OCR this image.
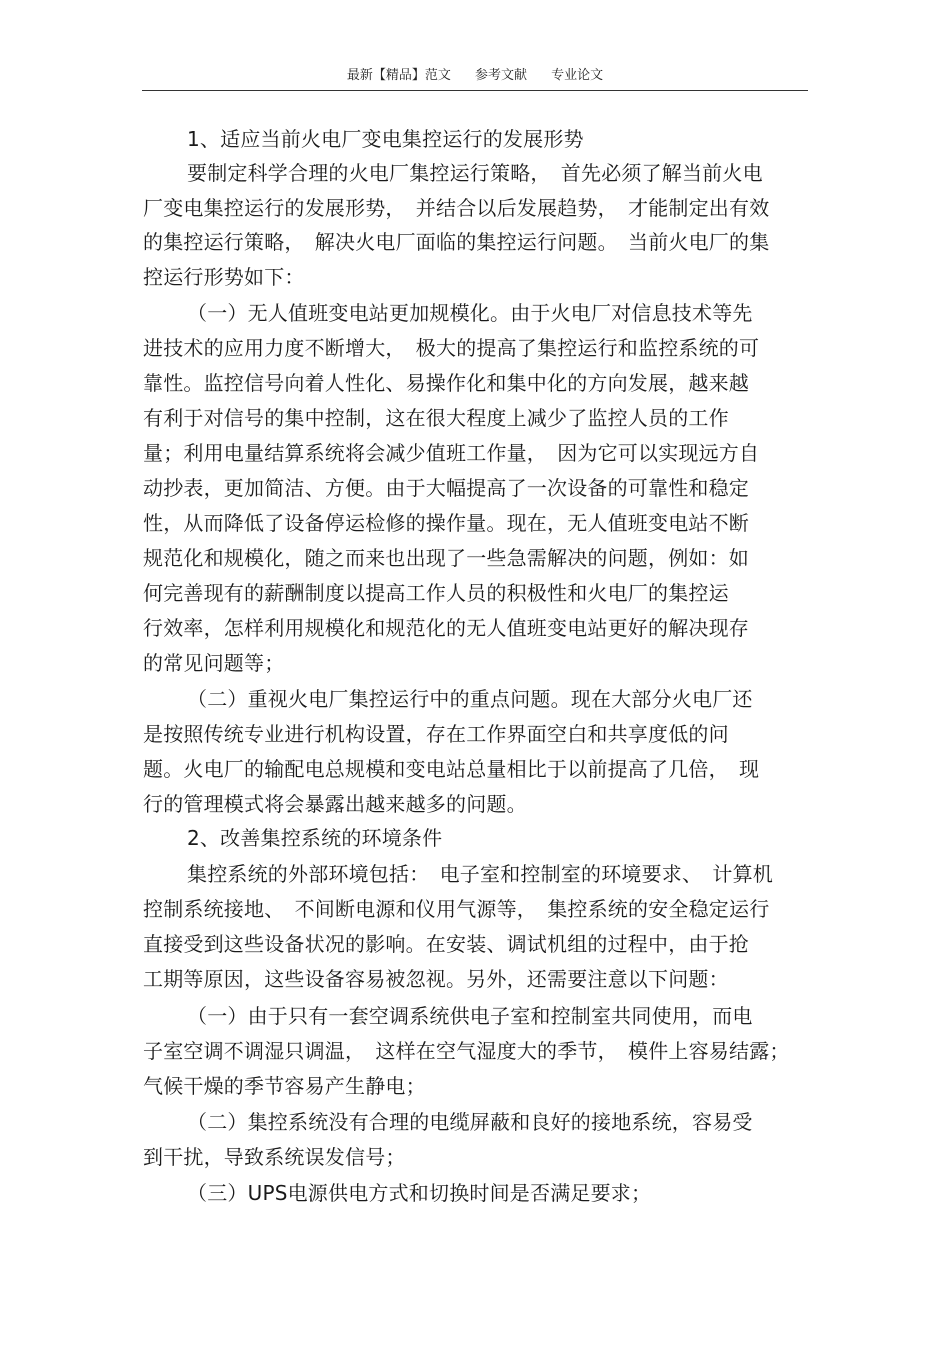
最新【精品】范文 参考文献 专业论文
1、适应当前火电厂变电集控运行的发展形势
要制定科学合理的火电厂集控运行策略，　首先必须了解当前火电
厂变电集控运行的发展形势，　并结合以后发展趋势，　才能制定出有效
的集控运行策略，　解决火电厂面临的集控运行问题。　当前火电厂的集
控运行形势如下：
（一）无人值班变电站更加规模化。由于火电厂对信息技术等先
进技术的应用力度不断增大，　极大的提高了集控运行和监控系统的可
靠性。监控信号向着人性化、易操作化和集中化的方向发展，越来越
有利于对信号的集中控制，这在很大程度上减少了监控人员的工作
量；利用电量结算系统将会减少值班工作量，　因为它可以实现远方自
动抄表，更加简洁、方便。由于大幅提高了一次设备的可靠性和稳定
性，从而降低了设备停运检修的操作量。现在，无人值班变电站不断
规范化和规模化，随之而来也出现了一些急需解决的问题，例如：如
何完善现有的薪酬制度以提高工作人员的积极性和火电厂的集控运
行效率，怎样利用规模化和规范化的无人值班变电站更好的解决现存
的常见问题等；
（二）重视火电厂集控运行中的重点问题。现在大部分火电厂还
是按照传统专业进行机构设置，存在工作界面空白和共享度低的问
题。火电厂的输配电总规模和变电站总量相比于以前提高了几倍，　现
行的管理模式将会暴露出越来越多的问题。
2、改善集控系统的环境条件
集控系统的外部环境包括：　电子室和控制室的环境要求、　计算机
控制系统接地、　不间断电源和仪用气源等，　集控系统的安全稳定运行
直接受到这些设备状况的影响。在安装、调试机组的过程中，由于抢
工期等原因，这些设备容易被忽视。另外，还需要注意以下问题：
（一）由于只有一套空调系统供电子室和控制室共同使用，而电
子室空调不调湿只调温，　这样在空气湿度大的季节，　模件上容易结露；
气候干燥的季节容易产生静电；
（二）集控系统没有合理的电缆屏蔽和良好的接地系统，容易受
到干扰，导致系统误发信号；
（三）UPS电源供电方式和切换时间是否满足要求；
